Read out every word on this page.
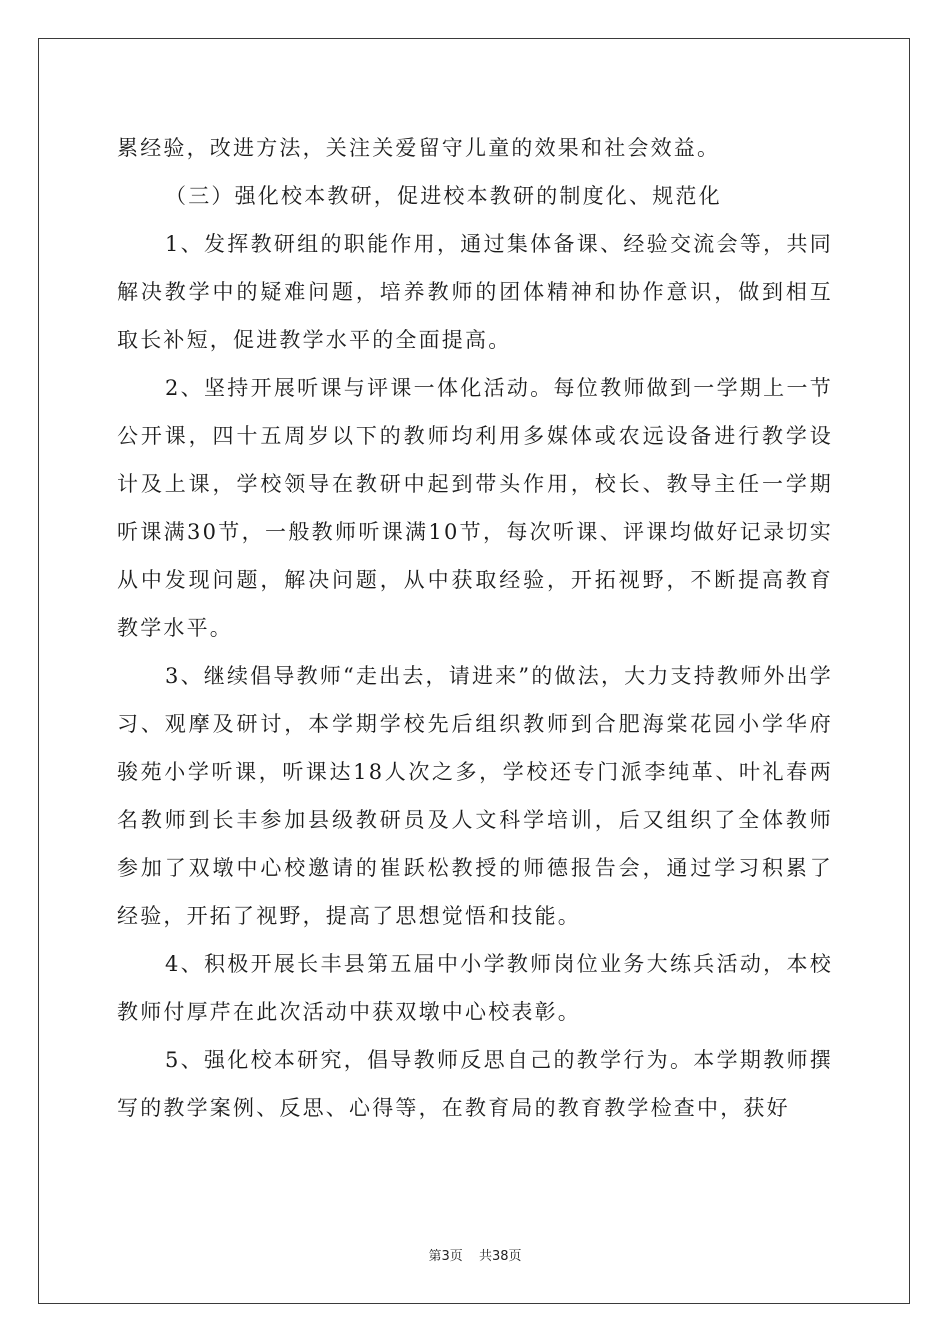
累经验，改进方法，关注关爱留守儿童的效果和社会效益。

（三）强化校本教研，促进校本教研的制度化、规范化

1、发挥教研组的职能作用，通过集体备课、经验交流会等，共同解决教学中的疑难问题，培养教师的团体精神和协作意识，做到相互取长补短，促进教学水平的全面提高。

2、坚持开展听课与评课一体化活动。每位教师做到一学期上一节公开课，四十五周岁以下的教师均利用多媒体或农远设备进行教学设计及上课，学校领导在教研中起到带头作用，校长、教导主任一学期听课满30节，一般教师听课满10节，每次听课、评课均做好记录切实从中发现问题，解决问题，从中获取经验，开拓视野，不断提高教育教学水平。

3、继续倡导教师“走出去，请进来”的做法，大力支持教师外出学习、观摩及研讨，本学期学校先后组织教师到合肥海棠花园小学华府骏苑小学听课，听课达18人次之多，学校还专门派李纯革、叶礼春两名教师到长丰参加县级教研员及人文科学培训，后又组织了全体教师参加了双墩中心校邀请的崔跃松教授的师德报告会，通过学习积累了经验，开拓了视野，提高了思想觉悟和技能。

4、积极开展长丰县第五届中小学教师岗位业务大练兵活动，本校教师付厚芹在此次活动中获双墩中心校表彰。

5、强化校本研究，倡导教师反思自己的教学行为。本学期教师撰写的教学案例、反思、心得等，在教育局的教育教学检查中，获好

第3页 共38页
